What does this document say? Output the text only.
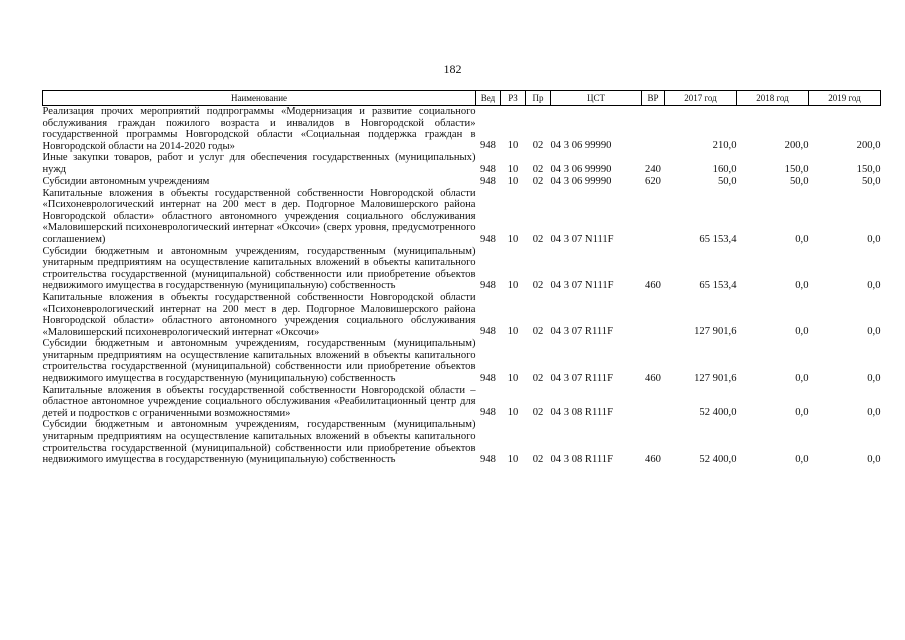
182
Наименование	Вед	РЗ	Пр	ЦСТ	ВР	2017 год	2018 год	2019 год
Реализация прочих мероприятий подпрограммы «Модернизация и развитие социального обслуживания граждан пожилого возраста и инвалидов в Новгородской области» государственной программы Новгородской области «Социальная поддержка граждан в Новгородской области на 2014-2020 годы»	948	10	02	04 3 06 99990		210,0	200,0	200,0
Иные закупки товаров, работ и услуг для обеспечения государственных (муниципальных) нужд	948	10	02	04 3 06 99990	240	160,0	150,0	150,0
Субсидии автономным учреждениям	948	10	02	04 3 06 99990	620	50,0	50,0	50,0
Капитальные вложения в объекты государственной собственности Новгородской области «Психоневрологический интернат на 200 мест в дер. Подгорное Маловишерского района Новгородской области» областного автономного учреждения социального обслуживания «Маловишерский психоневрологический интернат «Оксочи» (сверх уровня, предусмотренного соглашением)	948	10	02	04 3 07 N111F		65 153,4	0,0	0,0
Субсидии бюджетным и автономным учреждениям, государственным (муниципальным) унитарным предприятиям на осуществление капитальных вложений в объекты капитального строительства государственной (муниципальной) собственности или приобретение объектов недвижимого имущества в государственную (муниципальную) собственность	948	10	02	04 3 07 N111F	460	65 153,4	0,0	0,0
Капитальные вложения в объекты государственной собственности Новгородской области «Психоневрологический интернат на 200 мест в дер. Подгорное Маловишерского района Новгородской области» областного автономного учреждения социального обслуживания «Маловишерский психоневрологический интернат «Оксочи»	948	10	02	04 3 07 R111F		127 901,6	0,0	0,0
Субсидии бюджетным и автономным учреждениям, государственным (муниципальным) унитарным предприятиям на осуществление капитальных вложений в объекты капитального строительства государственной (муниципальной) собственности или приобретение объектов недвижимого имущества в государственную (муниципальную) собственность	948	10	02	04 3 07 R111F	460	127 901,6	0,0	0,0
Капитальные вложения в объекты государственной собственности Новгородской области – областное автономное учреждение социального обслуживания «Реабилитационный центр для детей и подростков с ограниченными возможностями»	948	10	02	04 3 08 R111F		52 400,0	0,0	0,0
Субсидии бюджетным и автономным учреждениям, государственным (муниципальным) унитарным предприятиям на осуществление капитальных вложений в объекты капитального строительства государственной (муниципальной) собственности или приобретение объектов недвижимого имущества в государственную (муниципальную) собственность	948	10	02	04 3 08 R111F	460	52 400,0	0,0	0,0
